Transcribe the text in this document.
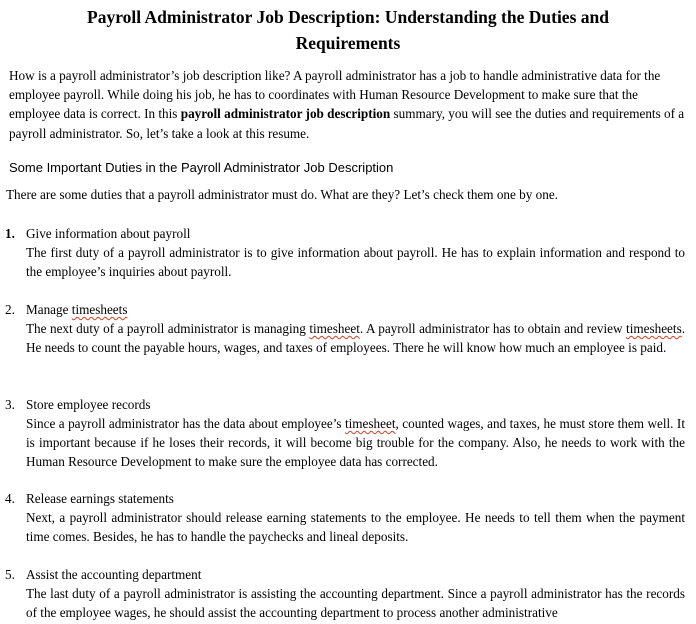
Payroll Administrator Job Description: Understanding the Duties and
Requirements
How is a payroll administrator’s job description like? A payroll administrator has a job to handle administrative data for the employee payroll. While doing his job, he has to coordinates with Human Resource Development to make sure that the employee data is correct. In this payroll administrator job description summary, you will see the duties and requirements of a payroll administrator. So, let’s take a look at this resume.
Some Important Duties in the Payroll Administrator Job Description
There are some duties that a payroll administrator must do. What are they? Let’s check them one by one.
1. Give information about payroll
The first duty of a payroll administrator is to give information about payroll. He has to explain information and respond to the employee’s inquiries about payroll.
2. Manage timesheets
The next duty of a payroll administrator is managing timesheet. A payroll administrator has to obtain and review timesheets. He needs to count the payable hours, wages, and taxes of employees. There he will know how much an employee is paid.
3. Store employee records
Since a payroll administrator has the data about employee’s timesheet, counted wages, and taxes, he must store them well. It is important because if he loses their records, it will become big trouble for the company. Also, he needs to work with the Human Resource Development to make sure the employee data has corrected.
4. Release earnings statements
Next, a payroll administrator should release earning statements to the employee. He needs to tell them when the payment time comes. Besides, he has to handle the paychecks and lineal deposits.
5. Assist the accounting department
The last duty of a payroll administrator is assisting the accounting department. Since a payroll administrator has the records of the employee wages, he should assist the accounting department to process another administrative
